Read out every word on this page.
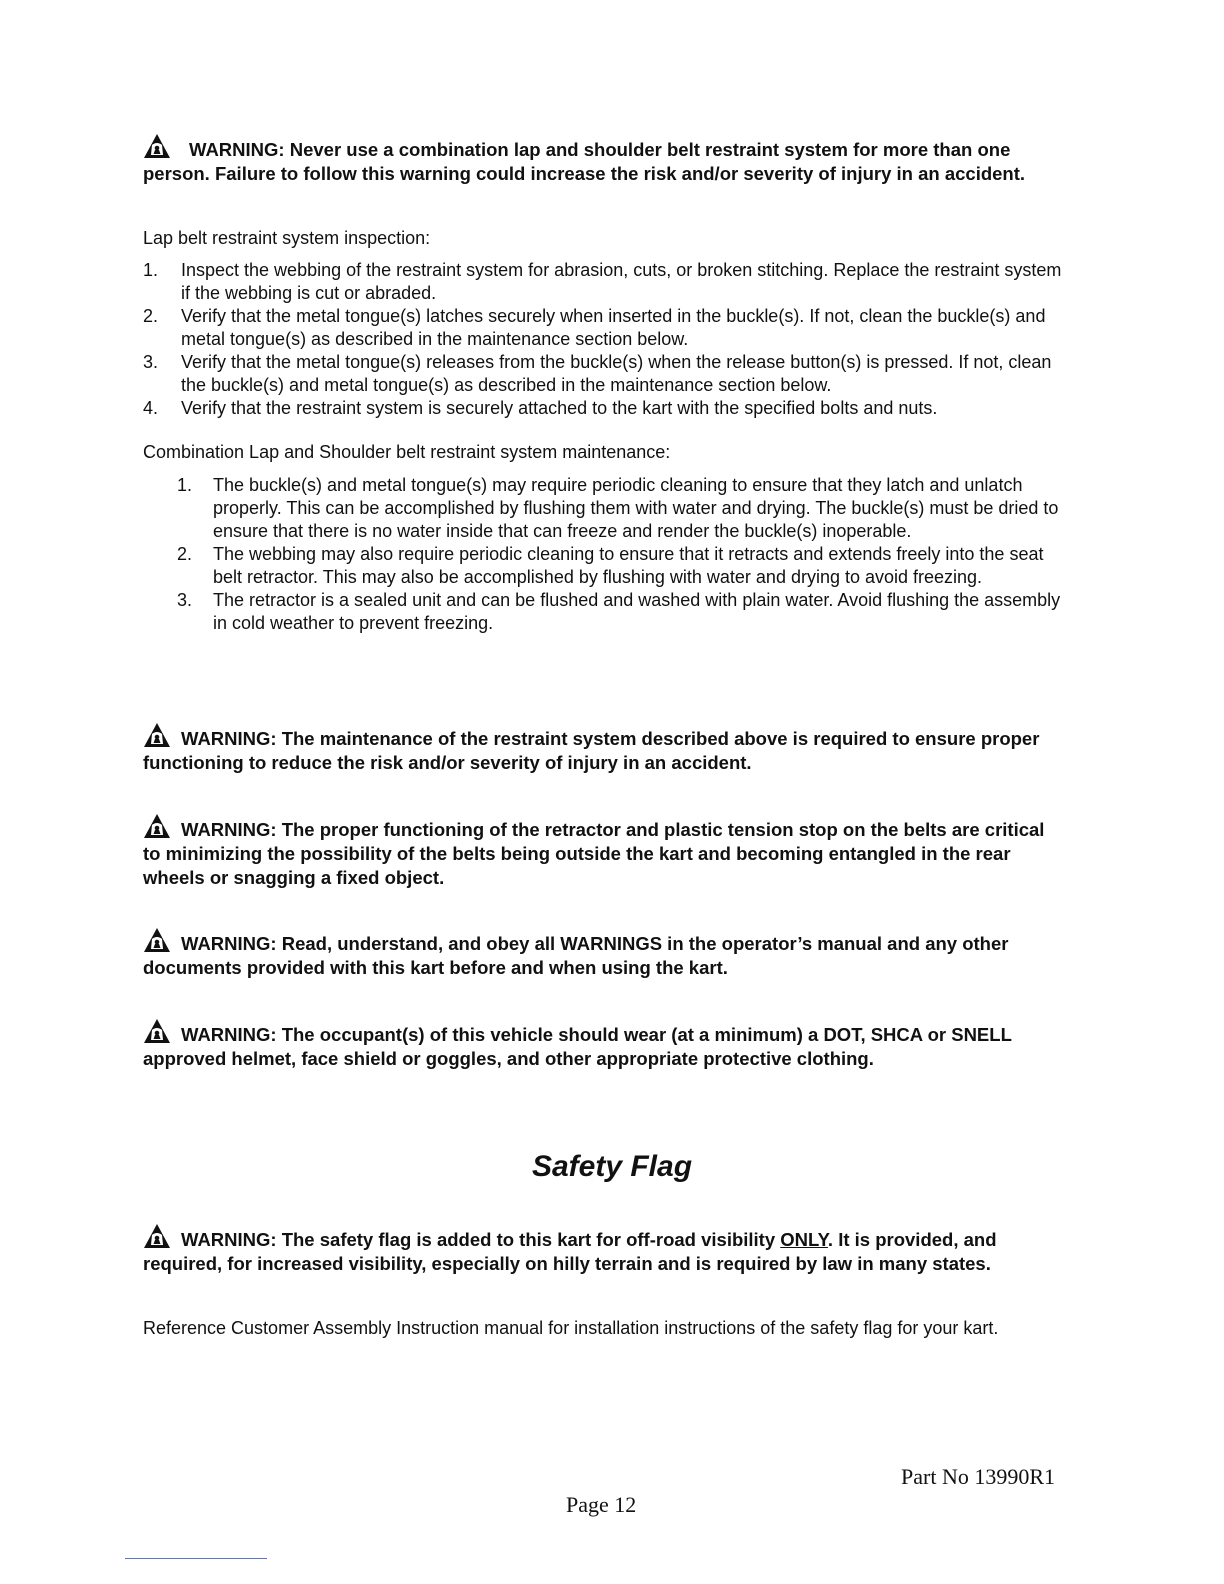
WARNING: Never use a combination lap and shoulder belt restraint system for more than one person. Failure to follow this warning could increase the risk and/or severity of injury in an accident.

Lap belt restraint system inspection:

1. Inspect the webbing of the restraint system for abrasion, cuts, or broken stitching. Replace the restraint system if the webbing is cut or abraded.
2. Verify that the metal tongue(s) latches securely when inserted in the buckle(s). If not, clean the buckle(s) and metal tongue(s) as described in the maintenance section below.
3. Verify that the metal tongue(s) releases from the buckle(s) when the release button(s) is pressed. If not, clean the buckle(s) and metal tongue(s) as described in the maintenance section below.
4. Verify that the restraint system is securely attached to the kart with the specified bolts and nuts.

Combination Lap and Shoulder belt restraint system maintenance:

1. The buckle(s) and metal tongue(s) may require periodic cleaning to ensure that they latch and unlatch properly. This can be accomplished by flushing them with water and drying. The buckle(s) must be dried to ensure that there is no water inside that can freeze and render the buckle(s) inoperable.
2. The webbing may also require periodic cleaning to ensure that it retracts and extends freely into the seat belt retractor. This may also be accomplished by flushing with water and drying to avoid freezing.
3. The retractor is a sealed unit and can be flushed and washed with plain water. Avoid flushing the assembly in cold weather to prevent freezing.

WARNING: The maintenance of the restraint system described above is required to ensure proper functioning to reduce the risk and/or severity of injury in an accident.

WARNING: The proper functioning of the retractor and plastic tension stop on the belts are critical to minimizing the possibility of the belts being outside the kart and becoming entangled in the rear wheels or snagging a fixed object.

WARNING: Read, understand, and obey all WARNINGS in the operator’s manual and any other documents provided with this kart before and when using the kart.

WARNING: The occupant(s) of this vehicle should wear (at a minimum) a DOT, SHCA or SNELL approved helmet, face shield or goggles, and other appropriate protective clothing.

Safety Flag

WARNING: The safety flag is added to this kart for off-road visibility ONLY. It is provided, and required, for increased visibility, especially on hilly terrain and is required by law in many states.

Reference Customer Assembly Instruction manual for installation instructions of the safety flag for your kart.

Part No 13990R1

Page 12
